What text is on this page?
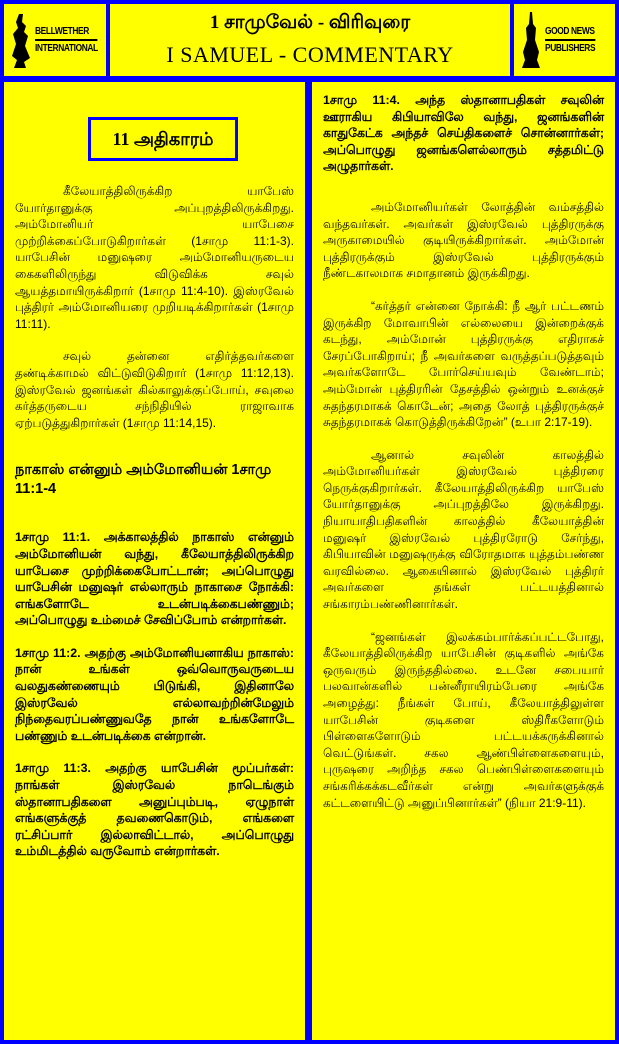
BELLWETHER
INTERNATIONAL
1 சாமுவேல் - விரிவுரை
I SAMUEL - COMMENTARY
GOOD NEWS
PUBLISHERS
11 அதிகாரம்

கீலேயாத்திலிருக்கிற யாபேஸ் யோர்தானுக்கு அப்புறத்திலிருக்கிறது. அம்மோனியர் யாபேசை முற்றிக்கைப்போடுகிறார்கள் (1சாமு 11:1-3). யாபேசின் மனுஷரை அம்மோனியருடைய கைகளிலிருந்து விடுவிக்க சவுல் ஆயத்தமாயிருக்கிறார் (1சாமு 11:4-10). இஸ்ரவேல் புத்திரர் அம்மோனியரை முறியடிக்கிறார்கள் (1சாமு 11:11).

சவுல் தன்னை எதிர்த்தவர்களை தண்டிக்காமல் விட்டுவிடுகிறார் (1சாமு 11:12,13). இஸ்ரவேல் ஜனங்கள் கில்காலுக்குப்போய், சவுலை கர்த்தருடைய சந்நிதியில் ராஜாவாக ஏற்படுத்துகிறார்கள் (1சாமு 11:14,15).

நாகாஸ் என்னும் அம்மோனியன் 1சாமு 11:1-4

1சாமு 11:1. அக்காலத்தில் நாகாஸ் என்னும் அம்மோனியன் வந்து, கீலேயாத்திலிருக்கிற யாபேசை முற்றிக்கைபோட்டான்; அப்பொழுது யாபேசின் மனுஷர் எல்லாரும் நாகாசை நோக்கி: எங்களோடே உடன்படிக்கைபண்ணும்; அப்பொழுது உம்மைச் சேவிப்போம் என்றார்கள்.

1சாமு 11:2. அதற்கு அம்மோனியனாகிய நாகாஸ்: நான் உங்கள் ஒவ்வொருவருடைய வலதுகண்ணையும் பிடுங்கி, இதினாலே இஸ்ரவேல் எல்லாவற்றின்மேலும் நிந்தைவரப்பண்ணுவதே நான் உங்களோடே பண்ணும் உடன்படிக்கை என்றான்.

1சாமு 11:3. அதற்கு யாபேசின் மூப்பர்கள்: நாங்கள் இஸ்ரவேல் நாடெங்கும் ஸ்தானாபதிகளை அனுப்பும்படி, ஏழுநாள் எங்களுக்குத் தவணைகொடும், எங்களை ரட்சிப்பார் இல்லாவிட்டால், அப்பொழுது உம்மிடத்தில் வருவோம் என்றார்கள்.

1சாமு 11:4. அந்த ஸ்தானாபதிகள் சவுலின் ஊராகிய கிபியாவிலே வந்து, ஜனங்களின் காதுகேட்க அந்தச் செய்திகளைச் சொன்னார்கள்; அப்பொழுது ஜனங்களெல்லாரும் சத்தமிட்டு அழுதார்கள்.

அம்மோனியர்கள் லோத்தின் வம்சத்தில் வந்தவர்கள். அவர்கள் இஸ்ரவேல் புத்திரருக்கு அருகாமையில் குடியிருக்கிறார்கள். அம்மோன் புத்திரருக்கும் இஸ்ரவேல் புத்திரருக்கும் நீண்டகாலமாக சமாதானம் இருக்கிறது.

“கர்த்தர் என்னை நோக்கி: நீ ஆர் பட்டணம் இருக்கிற மோவாபின் எல்லையை இன்றைக்குக் கடந்து, அம்மோன் புத்திரருக்கு எதிராகச் சேரப்போகிறாய்; நீ அவர்களை வருத்தப்படுத்தவும் அவர்களோடே போர்செய்யவும் வேண்டாம்; அம்மோன் புத்திரரின் தேசத்தில் ஒன்றும் உனக்குச் சுதந்தரமாகக் கொடேன்; அதை லோத் புத்திரருக்குச் சுதந்தரமாகக் கொடுத்திருக்கிறேன்” (உபா 2:17-19).

ஆனால் சவுலின் காலத்தில் அம்மோனியர்கள் இஸ்ரவேல் புத்திரரை நெருக்குகிறார்கள். கீலேயாத்திலிருக்கிற யாபேஸ் யோர்தானுக்கு அப்புறத்திலே இருக்கிறது. நியாயாதிபதிகளின் காலத்தில் கீலேயாத்தின் மனுஷர் இஸ்ரவேல் புத்திரரோடு சேர்ந்து, கிபியாவின் மனுஷருக்கு விரோதமாக யுத்தம்பண்ண வரவில்லை. ஆகையினால் இஸ்ரவேல் புத்திரர் அவர்களை தங்கள் பட்டயத்தினால் சங்காரம்பண்ணினார்கள்.

“ஜனங்கள் இலக்கம்பார்க்கப்பட்டபோது, கீலேயாத்திலிருக்கிற யாபேசின் குடிகளில் அங்கே ஒருவரும் இருந்ததில்லை. உடனே சபையார் பலவான்களில் பன்னீராயிரம்பேரை அங்கே அழைத்து: நீங்கள் போய், கீலேயாத்திலுள்ள யாபேசின் குடிகளை ஸ்திரீகளோடும் பிள்ளைகளோடும் பட்டயக்கருக்கினால் வெட்டுங்கள். சகல ஆண்பிள்ளைகளையும், புருஷரை அறிந்த சகல பெண்பிள்ளைகளையும் சங்கரிக்கக்கடவீர்கள் என்று அவர்களுக்குக் கட்டளையிட்டு அனுப்பினார்கள்” (நியா 21:9-11).
